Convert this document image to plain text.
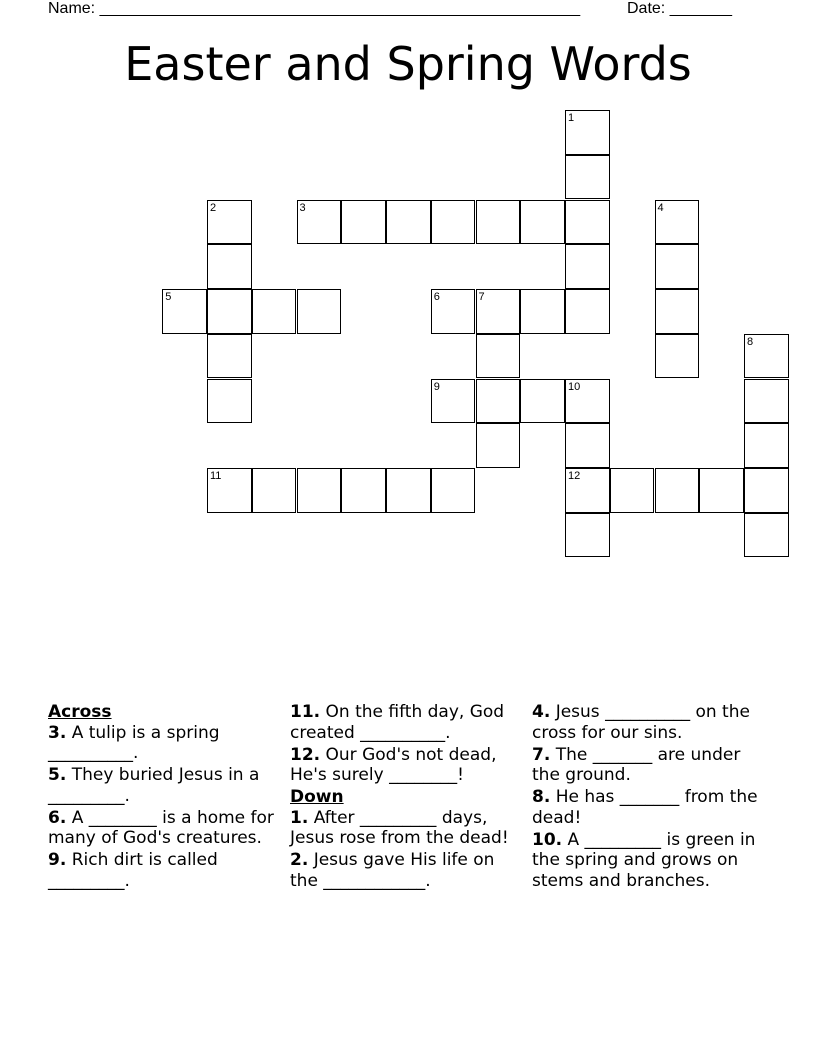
Name: ______________________________________________________	Date: _______
Easter and Spring Words
1
2	3	4
5	6	7
8
9	10
11	12
Across
3. A tulip is a spring __________.
5. They buried Jesus in a _________.
6. A ________ is a home for many of God's creatures.
9. Rich dirt is called _________.
11. On the fifth day, God created __________.
12. Our God's not dead, He's surely ________!
Down
1. After _________ days, Jesus rose from the dead!
2. Jesus gave His life on the ____________.
4. Jesus __________ on the cross for our sins.
7. The _______ are under the ground.
8. He has _______ from the dead!
10. A _________ is green in the spring and grows on stems and branches.
